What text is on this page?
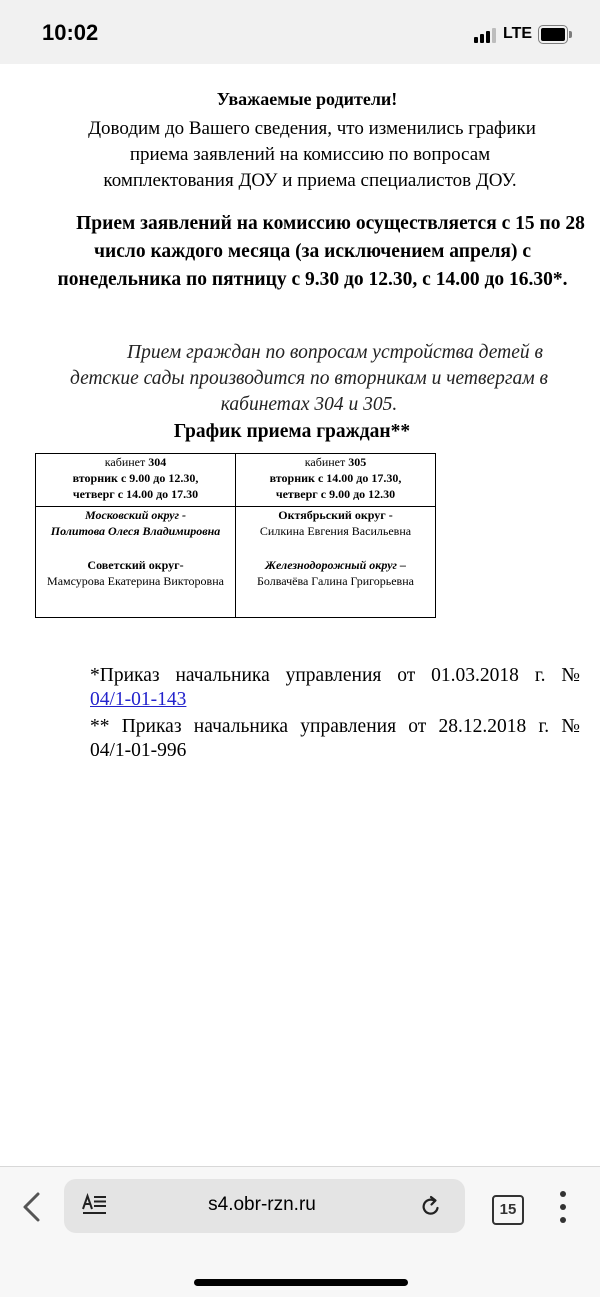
10:02	LTE
Уважаемые родители!
Доводим до Вашего сведения, что изменились графики приема заявлений на комиссию по вопросам комплектования ДОУ и приема специалистов ДОУ.
Прием заявлений на комиссию осуществляется с 15 по 28 число каждого месяца (за исключением апреля) с понедельника по пятницу с 9.30 до 12.30, с 14.00 до 16.30*.
Прием граждан по вопросам устройства детей в детские сады производится по вторникам и четвергам в кабинетах 304 и 305.
График приема граждан**
кабинет 304
вторник с 9.00 до 12.30,
четверг с 14.00 до 17.30	кабинет 305
вторник с 14.00 до 17.30,
четверг с 9.00 до 12.30

Московский округ -
Политова Олеся Владимировна
Советский округ-
Мамсурова Екатерина Викторовна	Октябрьский округ -
Силкина Евгения Васильевна
Железнодорожный округ –
Болвачёва Галина Григорьевна
*Приказ начальника управления от 01.03.2018 г. №
04/1-01-143
** Приказ начальника управления от 28.12.2018 г. №
04/1-01-996
s4.obr-rzn.ru	15
